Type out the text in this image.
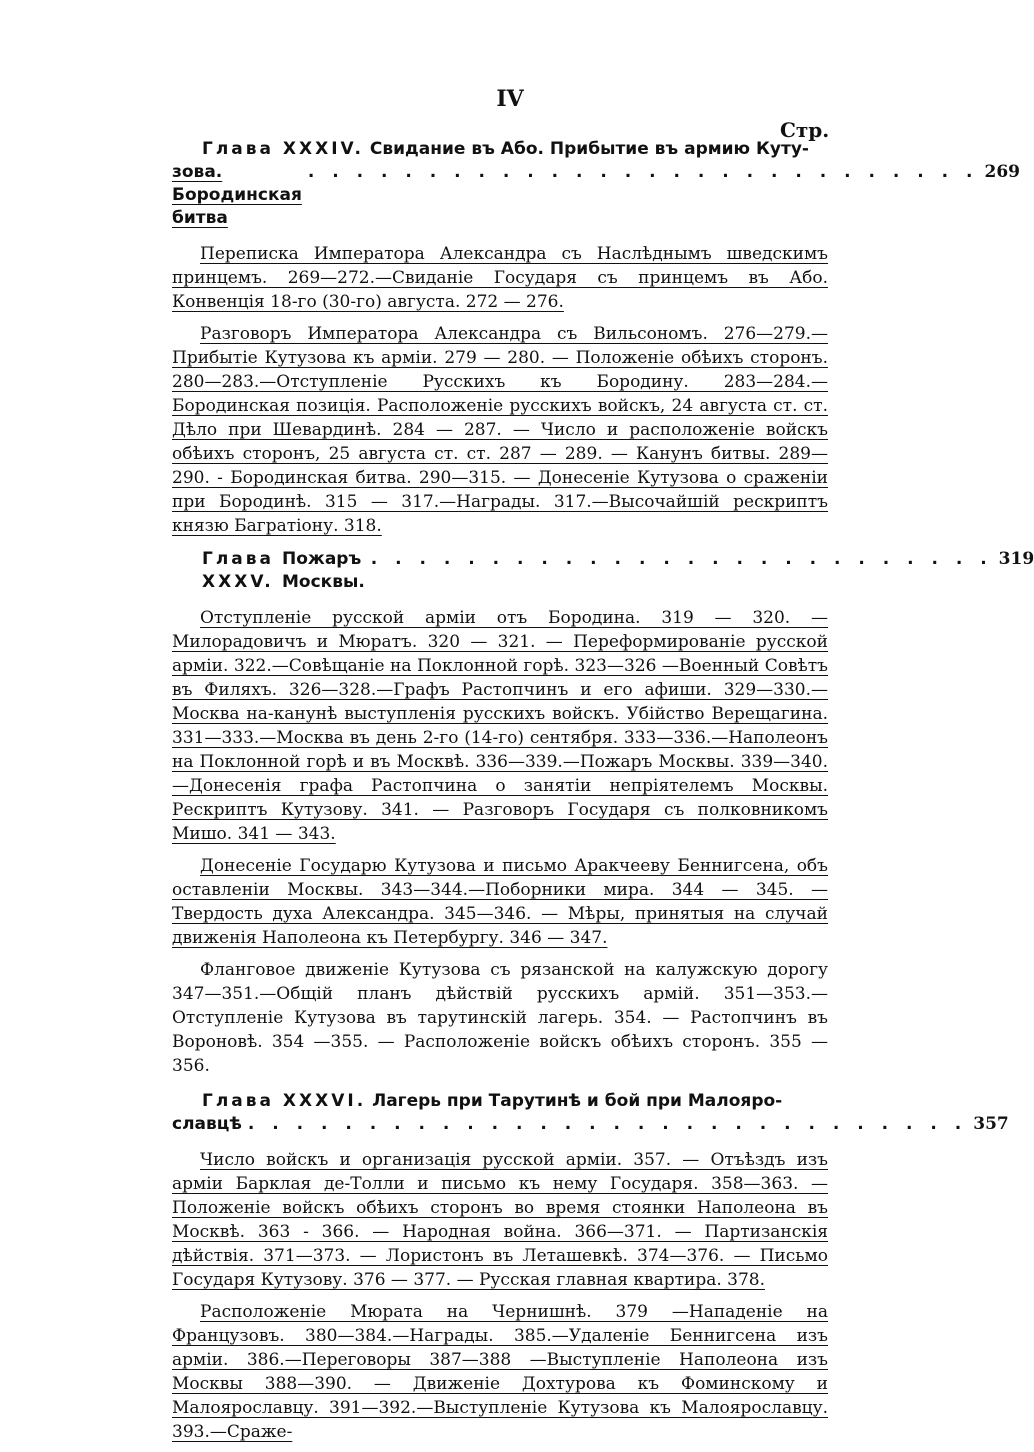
IV
Стр.
Глава XXXIV. Свидание въ Або. Прибытие въ армию Куту-
зова. Бородинская битва
. . . . . . . . . . . . . . . . . . . . . . . . . . . . 269

Переписка Императора Александра съ Наслѣднымъ шведскимъ принцемъ. 269—272.—Свиданіе Государя съ принцемъ въ Або. Конвенція 18-го (30-го) августа. 272 — 276.

Разговоръ Императора Александра съ Вильсономъ. 276—279.—Прибытіе Кутузова къ арміи. 279 — 280. — Положеніе обѣихъ сторонъ. 280—283.—Отступленіе Русскихъ къ Бородину. 283—284.—Бородинская позиція. Расположеніе русскихъ войскъ, 24 августа ст. ст. Дѣло при Шевардинѣ. 284 — 287. — Число и расположеніе войскъ обѣихъ сторонъ, 25 августа ст. ст. 287 — 289. — Канунъ битвы. 289—290. - Бородинская битва. 290—315. — Донесеніе Кутузова о сраженіи при Бородинѣ. 315 — 317.—Награды. 317.—Высочайшій рескриптъ князю Багратіону. 318.

Глава XXXV.
Пожаръ Москвы.
. . . . . . . . . . . . . . . . . . . . . . . . . . 319

Отступленіе русской арміи отъ Бородина. 319 — 320. — Милорадовичъ и Мюратъ. 320 — 321. — Переформированіе русской арміи. 322.—Совѣщаніе на Поклонной горѣ. 323—326 —Военный Совѣтъ въ Филяхъ. 326—328.—Графъ Растопчинъ и его афиши. 329—330.—Москва на-канунѣ выступленія русскихъ войскъ. Убійство Верещагина. 331—333.—Москва въ день 2-го (14-го) сентября. 333—336.—Наполеонъ на Поклонной горѣ и въ Москвѣ. 336—339.—Пожаръ Москвы. 339—340.—Донесенія графа Растопчина о занятіи непріятелемъ Москвы. Рескриптъ Кутузову. 341. — Разговоръ Государя съ полковникомъ Мишо. 341 — 343.

Донесеніе Государю Кутузова и письмо Аракчееву Беннигсена, объ оставленіи Москвы. 343—344.—Поборники мира. 344 — 345. — Твердость духа Александра. 345—346. — Мѣры, принятыя на случай движенія Наполеона къ Петербургу. 346 — 347.

Фланговое движеніе Кутузова съ рязанской на калужскую дорогу 347—351.—Общій планъ дѣйствій русскихъ армій. 351—353.—Отступленіе Кутузова въ тарутинскій лагерь. 354. — Растопчинъ въ Вороновѣ. 354 —355. — Расположеніе войскъ обѣихъ сторонъ. 355 — 356.

Глава XXXVI. Лагерь при Тарутинѣ и бой при Малояро-
славцѣ . . . . . . . . . . . . . . . . . . . . . . . . . . . . . . 357

Число войскъ и организація русской арміи. 357. — Отъѣздъ изъ арміи Барклая де-Толли и письмо къ нему Государя. 358—363. — Положеніе войскъ обѣихъ сторонъ во время стоянки Наполеона въ Москвѣ. 363 - 366. — Народная война. 366—371. — Партизанскія дѣйствія. 371—373. — Лористонъ въ Леташевкѣ. 374—376. — Письмо Государя Кутузову. 376 — 377. — Русская главная квартира. 378.

Расположеніе Мюрата на Чернишнѣ. 379 —Нападеніе на Французовъ. 380—384.—Награды. 385.—Удаленіе Беннигсена изъ арміи. 386.—Переговоры 387—388 —Выступленіе Наполеона изъ Москвы 388—390. — Движеніе Дохтурова къ Фоминскому и Малоярославцу. 391—392.—Выступленіе Кутузова къ Малоярославцу. 393.—Сраже-
